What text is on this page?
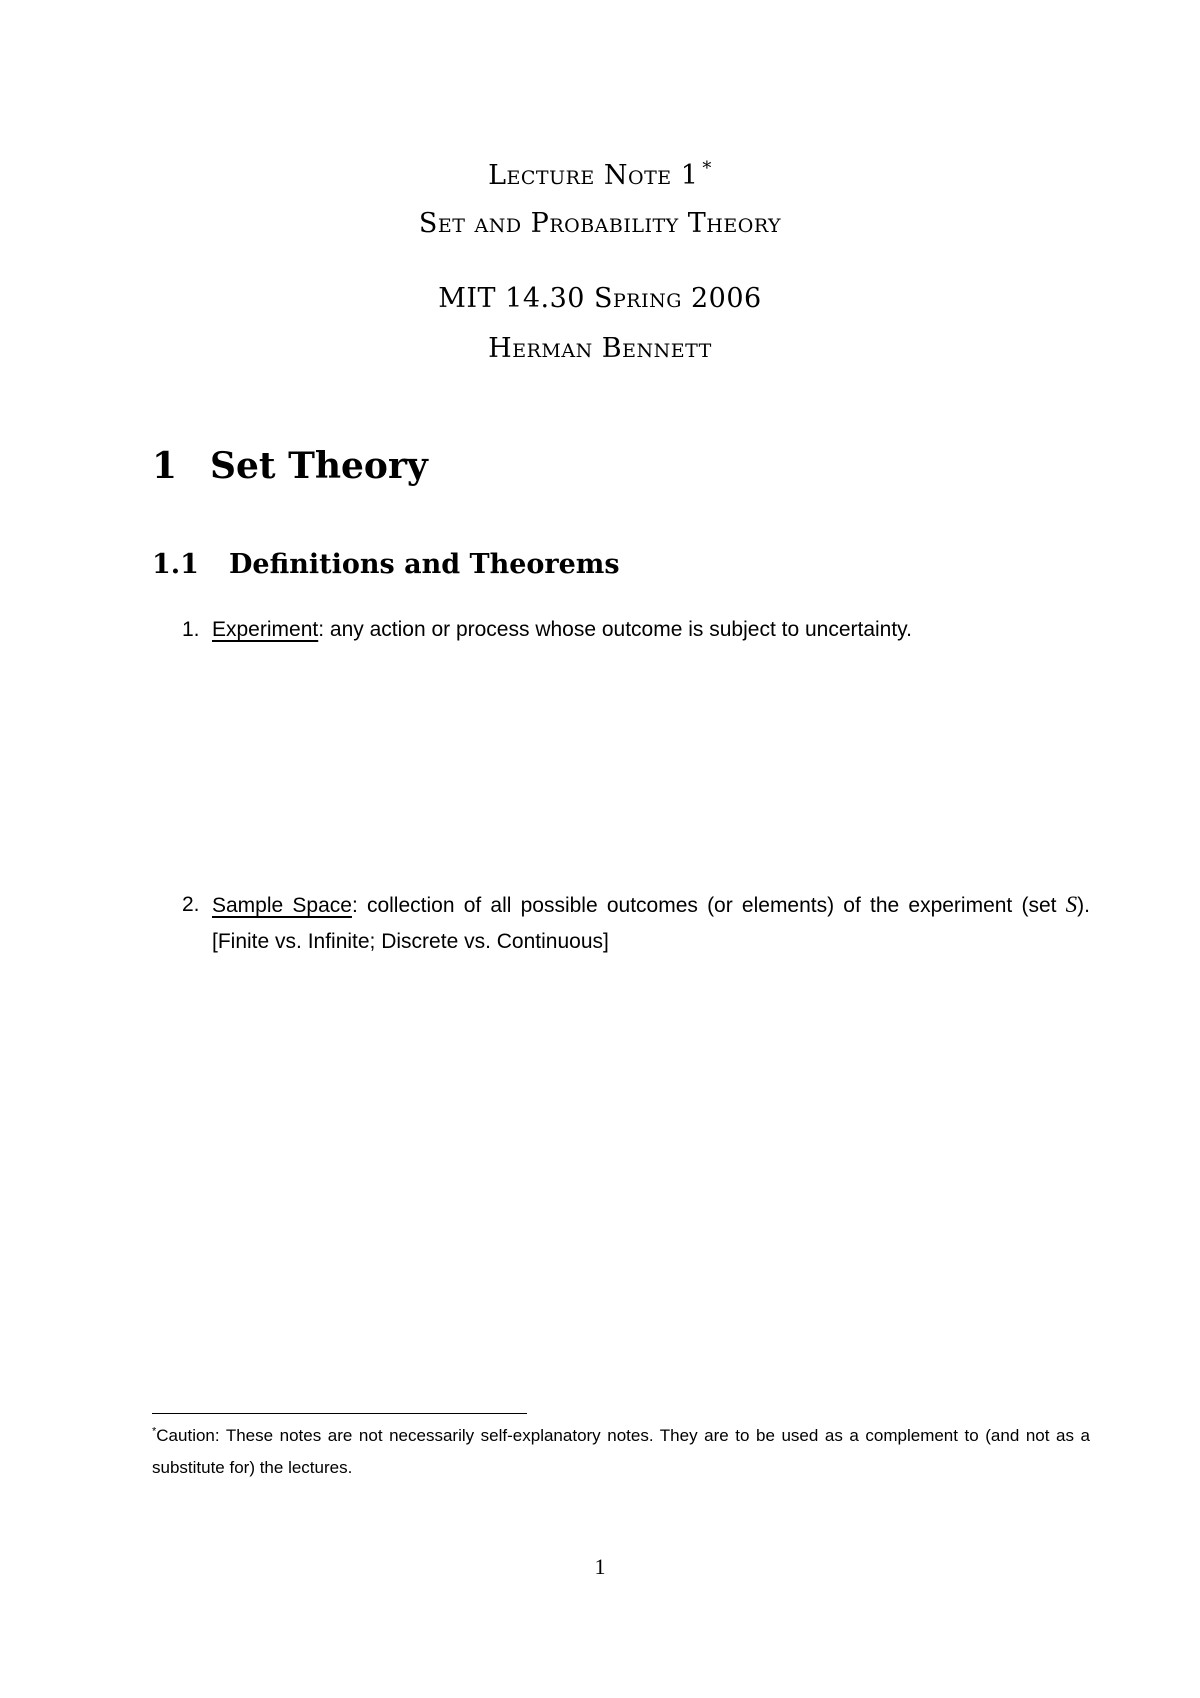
Lecture Note 1 *
Set and Probability Theory
MIT 14.30 Spring 2006
Herman Bennett
1 Set Theory
1.1 Definitions and Theorems
1. Experiment: any action or process whose outcome is subject to uncertainty.
2. Sample Space: collection of all possible outcomes (or elements) of the experiment (set S). [Finite vs. Infinite; Discrete vs. Continuous]
*Caution: These notes are not necessarily self-explanatory notes. They are to be used as a complement to (and not as a substitute for) the lectures.
1
